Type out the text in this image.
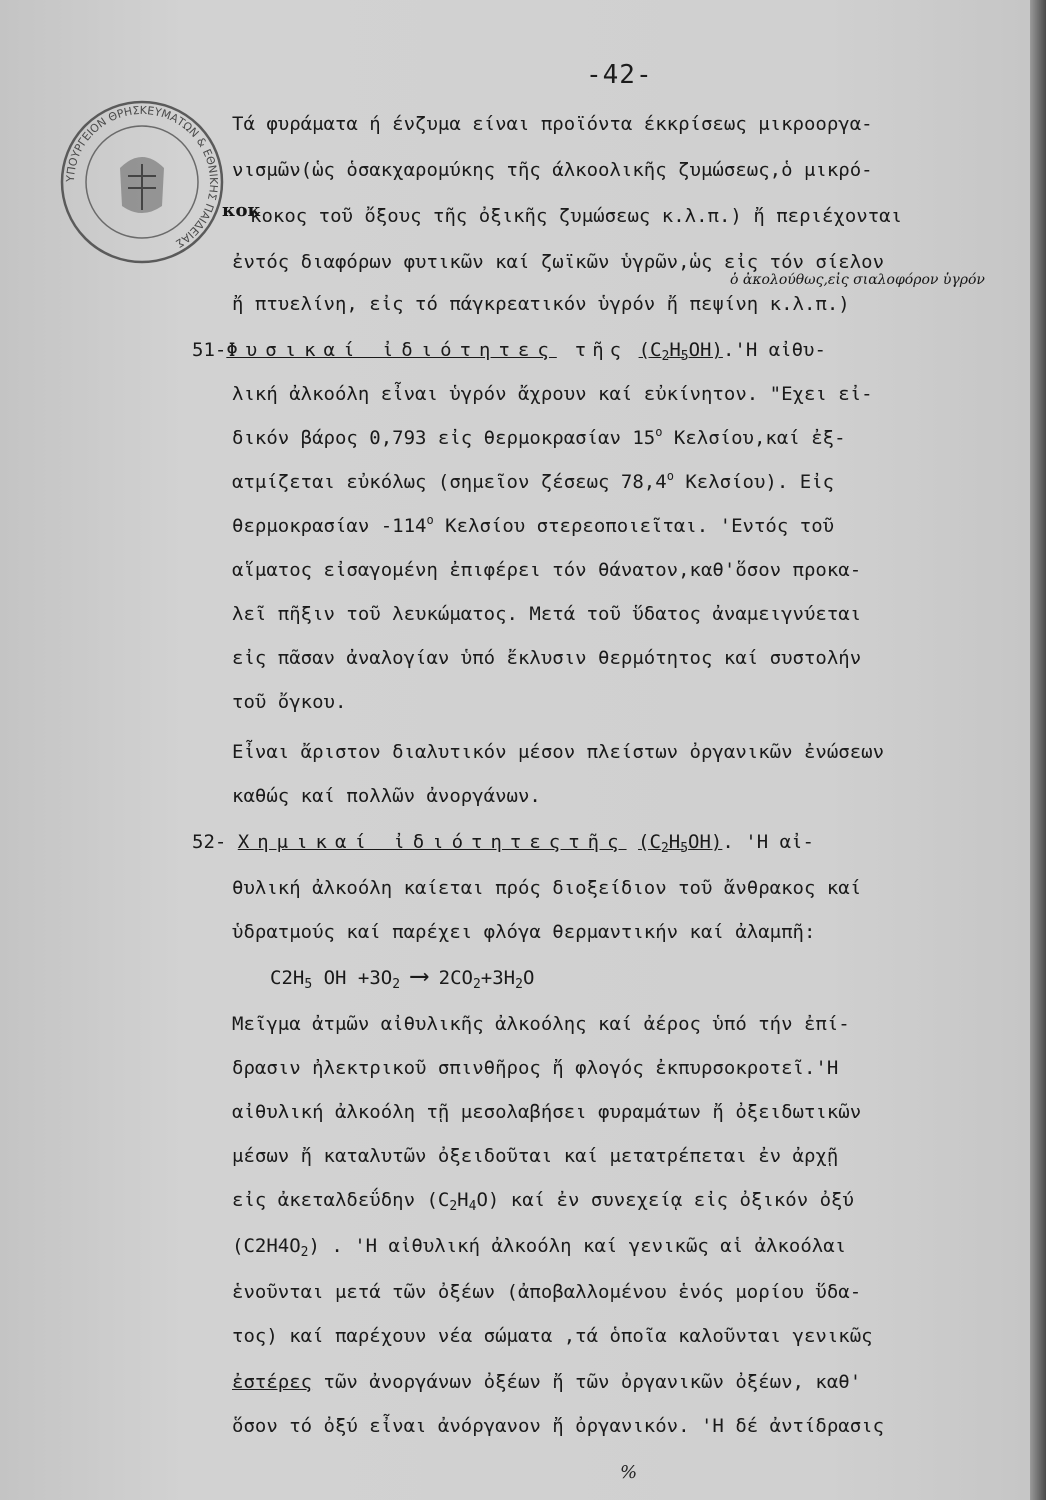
ΥΠΟΥΡΓΕΙΟΝ ΘΡΗΣΚΕΥΜΑΤΩΝ & ΕΘΝΙΚΗΣ ΠΑΙΔΕΙΑΣ
-42-
Τά φυράματα ή ένζυμα είναι προϊόντα έκκρίσεως μικροοργα-
νισμῶν(ὡς ὁσακχαρομύκης τῆς άλκοολικῆς ζυμώσεως,ὁ μικρό-
κοκος τοῦ ὄξους τῆς ὀξικῆς ζυμώσεως κ.λ.π.) ἤ περιέχονται
κοκ
ἐντός διαφόρων φυτικῶν καί ζωϊκῶν ὑγρῶν,ὡς εἰς τόν σίελον
ὁ ἀκολούθως,εἰς σιαλοφόρον ὑγρόν
ἤ πτυελίνη, εἰς τό πάγκρεατικόν ὑγρόν ἤ πεψίνη κ.λ.π.)
51-Φυσικαί ἰδιότητες τῆς $(C_2H_5OH).'H$ αἰθυ-
λική ἀλκοόλη εἶναι ὑγρόν ἄχρουν καί εὐκίνητον. "Εχει εἰ-
δικόν βάρος 0,793 εἰς θερμοκρασίαν $15^o$ Κελσίου,καί ἐξ-
ατμίζεται εὐκόλως (σημεῖον ζέσεως $78,4^o$ Κελσίου). Εἰς
θερμοκρασίαν $-114^o$ Κελσίου στερεοποιεῖται. 'Εντός τοῦ
αἵματος εἰσαγομένη ἐπιφέρει τόν θάνατον,καθ'ὅσον προκα-
λεῖ πῆξιν τοῦ λευκώματος. Μετά τοῦ ὕδατος ἀναμειγνύεται
εἰς πᾶσαν ἀναλογίαν ὑπό ἔκλυσιν θερμότητος καί συστολήν
τοῦ ὄγκου.
Εἶναι ἄριστον διαλυτικόν μέσον πλείστων ὀργανικῶν ἐνώσεων
καθώς καί πολλῶν ἀνοργάνων.
52- Χημικαί ἰδιότητεςτῆς $(C_2H_5OH)$. 'Η αἰ-
θυλική ἀλκοόλη καίεται πρός διοξείδιον τοῦ ἄνθρακος καί
ὑδρατμούς καί παρέχει φλόγα θερμαντικήν καί ἀλαμπῆ:
$C2H_5$ OH $+3O_2$ ⟶ $2CO_2+3H_2O$
Μεῖγμα ἀτμῶν αἰθυλικῆς ἀλκοόλης καί ἀέρος ὑπό τήν ἐπί-
δρασιν ἠλεκτρικοῦ σπινθῆρος ἤ φλογός ἐκπυρσοκροτεῖ.'Η
αἰθυλική ἀλκοόλη τῇ μεσολαβήσει φυραμάτων ἤ ὀξειδωτικῶν
μέσων ἤ καταλυτῶν ὀξειδοῦται καί μετατρέπεται ἐν ἀρχῇ
εἰς ἀκεταλδεΰδην $(C_2H_4O)$ καί ἐν συνεχείᾳ εἰς ὀξικόν ὀξύ
$(C2H4O_2)$ . 'Η αἰθυλική ἀλκοόλη καί γενικῶς αἱ ἀλκοόλαι
ἑνοῦνται μετά τῶν ὀξέων (ἀποβαλλομένου ἑνός μορίου ὕδα-
τος) καί παρέχουν νέα σώματα ,τά ὁποῖα καλοῦνται γενικῶς
ἐστέρες τῶν ἀνοργάνων ὀξέων ἤ τῶν ὀργανικῶν ὀξέων, καθ'
ὅσον τό ὀξύ εἶναι ἀνόργανον ἤ ὀργανικόν. 'Η δέ ἀντίδρασις
%
